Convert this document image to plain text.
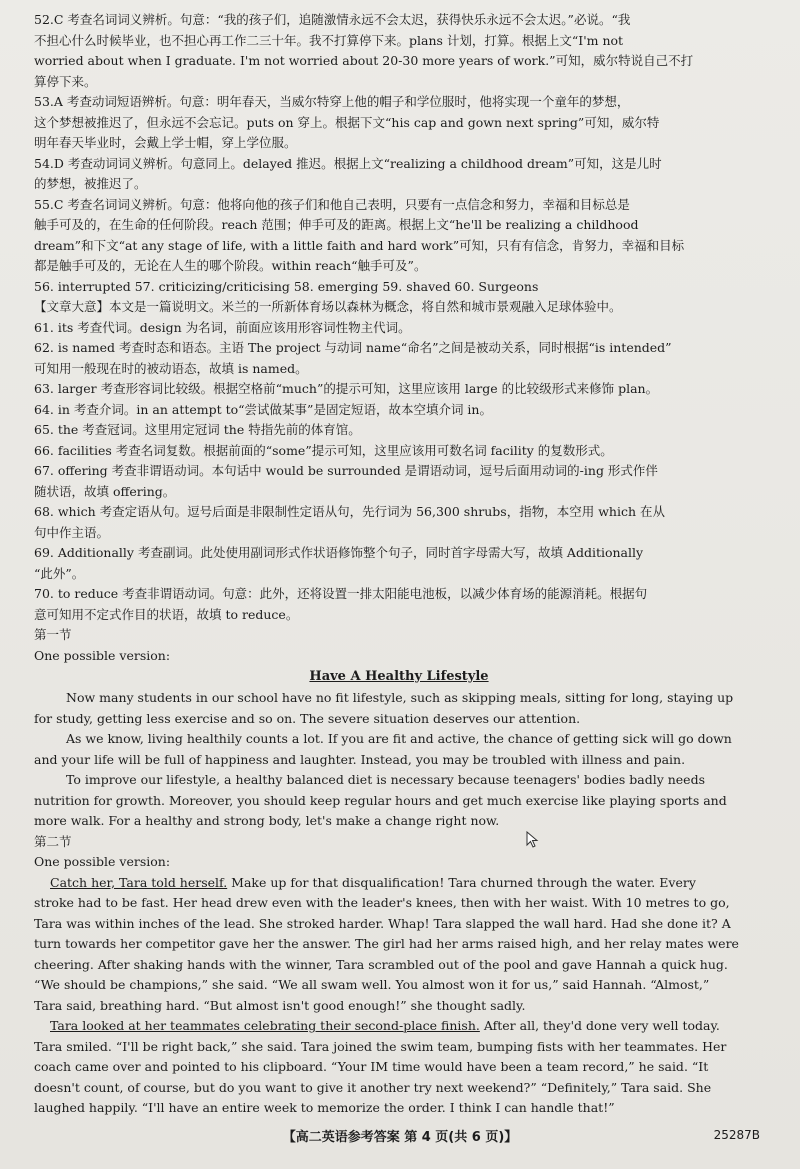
52.C 考查名词词义辨析。句意：“我的孩子们，追随激情永远不会太迟，获得快乐永远不会太迟。”必说。“我
不担心什么时候毕业，也不担心再工作二三十年。我不打算停下来。plans 计划，打算。根据上文“I'm not
worried about when I graduate. I'm not worried about 20-30 more years of work.”可知，威尔特说自己不打
算停下来。
53.A 考查动词短语辨析。句意：明年春天，当威尔特穿上他的帽子和学位服时，他将实现一个童年的梦想，
这个梦想被推迟了，但永远不会忘记。puts on 穿上。根据下文“his cap and gown next spring”可知，威尔特
明年春天毕业时，会戴上学士帽，穿上学位服。
54.D 考查动词词义辨析。句意同上。delayed 推迟。根据上文“realizing a childhood dream”可知，这是儿时
的梦想，被推迟了。
55.C 考查名词词义辨析。句意：他将向他的孩子们和他自己表明，只要有一点信念和努力，幸福和目标总是
触手可及的，在生命的任何阶段。reach 范围；伸手可及的距离。根据上文“he'll be realizing a childhood
dream”和下文“at any stage of life, with a little faith and hard work”可知，只有有信念，肯努力，幸福和目标
都是触手可及的，无论在人生的哪个阶段。within reach“触手可及”。
56. interrupted 57. criticizing/criticising 58. emerging 59. shaved 60. Surgeons
【文章大意】本文是一篇说明文。米兰的一所新体育场以森林为概念，将自然和城市景观融入足球体验中。
61. its 考查代词。design 为名词，前面应该用形容词性物主代词。
62. is named 考查时态和语态。主语 The project 与动词 name“命名”之间是被动关系，同时根据“is intended”
可知用一般现在时的被动语态，故填 is named。
63. larger 考查形容词比较级。根据空格前“much”的提示可知，这里应该用 large 的比较级形式来修饰 plan。
64. in 考查介词。in an attempt to“尝试做某事”是固定短语，故本空填介词 in。
65. the 考查冠词。这里用定冠词 the 特指先前的体育馆。
66. facilities 考查名词复数。根据前面的“some”提示可知，这里应该用可数名词 facility 的复数形式。
67. offering 考查非谓语动词。本句话中 would be surrounded 是谓语动词，逗号后面用动词的-ing 形式作伴
随状语，故填 offering。
68. which 考查定语从句。逗号后面是非限制性定语从句，先行词为 56,300 shrubs，指物，本空用 which 在从
句中作主语。
69. Additionally 考查副词。此处使用副词形式作状语修饰整个句子，同时首字母需大写，故填 Additionally
“此外”。
70. to reduce 考查非谓语动词。句意：此外，还将设置一排太阳能电池板，以减少体育场的能源消耗。根据句
意可知用不定式作目的状语，故填 to reduce。
第一节
One possible version:
Have A Healthy Lifestyle
Now many students in our school have no fit lifestyle, such as skipping meals, sitting for long, staying up
for study, getting less exercise and so on. The severe situation deserves our attention.
As we know, living healthily counts a lot. If you are fit and active, the chance of getting sick will go down
and your life will be full of happiness and laughter. Instead, you may be troubled with illness and pain.
To improve our lifestyle, a healthy balanced diet is necessary because teenagers' bodies badly needs
nutrition for growth. Moreover, you should keep regular hours and get much exercise like playing sports and
more walk. For a healthy and strong body, let's make a change right now.
第二节
One possible version:
Catch her, Tara told herself. Make up for that disqualification! Tara churned through the water. Every
stroke had to be fast. Her head drew even with the leader's knees, then with her waist. With 10 metres to go,
Tara was within inches of the lead. She stroked harder. Whap! Tara slapped the wall hard. Had she done it? A
turn towards her competitor gave her the answer. The girl had her arms raised high, and her relay mates were
cheering. After shaking hands with the winner, Tara scrambled out of the pool and gave Hannah a quick hug.
“We should be champions,” she said. “We all swam well. You almost won it for us,” said Hannah. “Almost,”
Tara said, breathing hard. “But almost isn't good enough!” she thought sadly.
Tara looked at her teammates celebrating their second-place finish. After all, they'd done very well today.
Tara smiled. “I'll be right back,” she said. Tara joined the swim team, bumping fists with her teammates. Her
coach came over and pointed to his clipboard. “Your IM time would have been a team record,” he said. “It
doesn't count, of course, but do you want to give it another try next weekend?” “Definitely,” Tara said. She
laughed happily. “I'll have an entire week to memorize the order. I think I can handle that!”
【高二英语参考答案 第 4 页(共 6 页)】	25287B
